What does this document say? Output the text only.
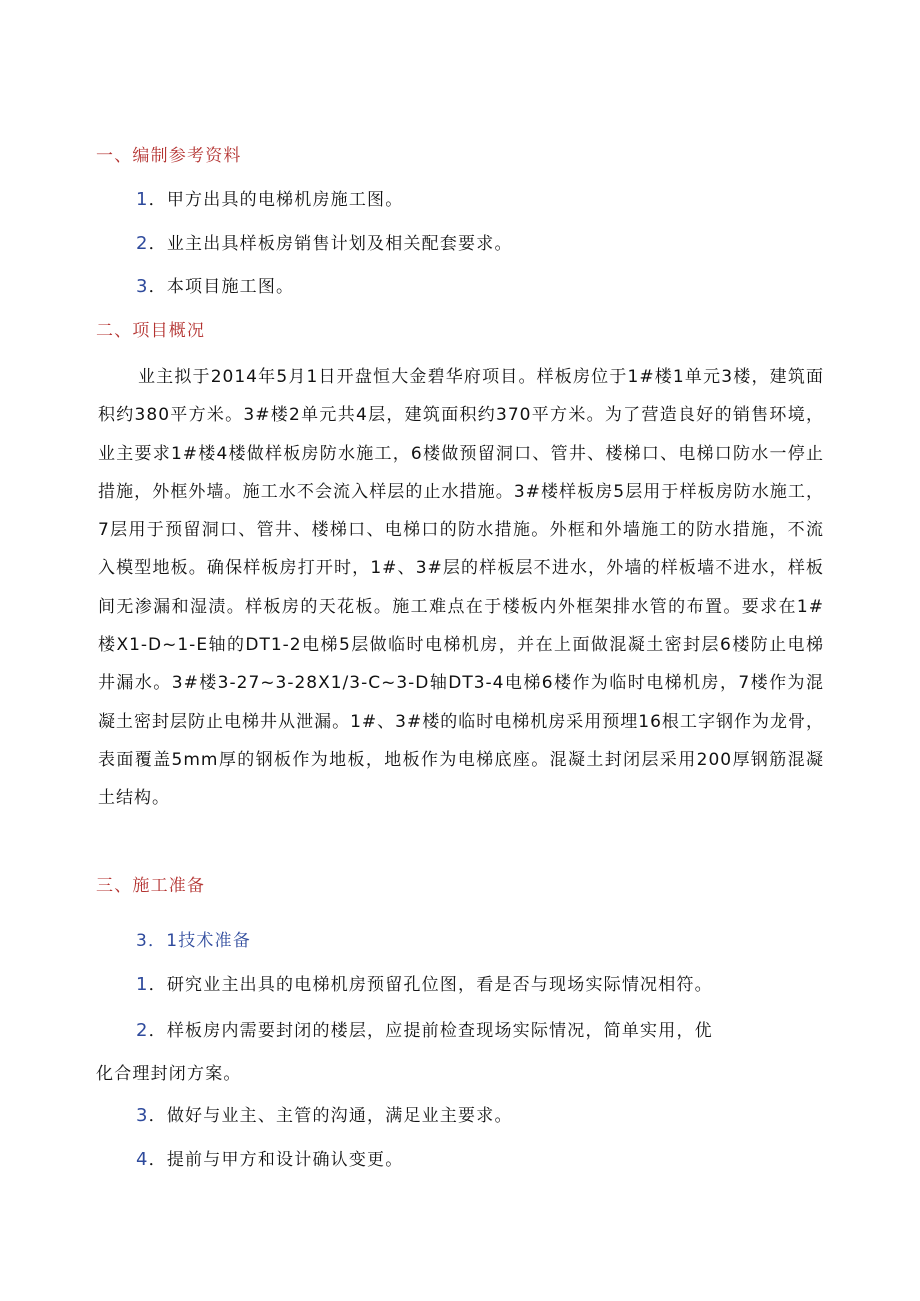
一、编制参考资料
1．甲方出具的电梯机房施工图。
2．业主出具样板房销售计划及相关配套要求。
3．本项目施工图。
二、项目概况
业主拟于2014年5月1日开盘恒大金碧华府项目。样板房位于1#楼1单元3楼，建筑面积约380平方米。3#楼2单元共4层，建筑面积约370平方米。为了营造良好的销售环境，业主要求1#楼4楼做样板房防水施工，6楼做预留洞口、管井、楼梯口、电梯口防水一停止措施，外框外墙。施工水不会流入样层的止水措施。3#楼样板房5层用于样板房防水施工，7层用于预留洞口、管井、楼梯口、电梯口的防水措施。外框和外墙施工的防水措施，不流入模型地板。确保样板房打开时，1#、3#层的样板层不进水，外墙的样板墙不进水，样板间无渗漏和湿渍。样板房的天花板。施工难点在于楼板内外框架排水管的布置。要求在1#楼X1-D~1-E轴的DT1-2电梯5层做临时电梯机房，并在上面做混凝土密封层6楼防止电梯井漏水。3#楼3-27~3-28X1/3-C~3-D轴DT3-4电梯6楼作为临时电梯机房，7楼作为混凝土密封层防止电梯井从泄漏。1#、3#楼的临时电梯机房采用预埋16根工字钢作为龙骨，表面覆盖5mm厚的钢板作为地板，地板作为电梯底座。混凝土封闭层采用200厚钢筋混凝土结构。
三、施工准备
3．1技术准备
1．研究业主出具的电梯机房预留孔位图，看是否与现场实际情况相符。
2．样板房内需要封闭的楼层，应提前检查现场实际情况，简单实用，优
化合理封闭方案。
3．做好与业主、主管的沟通，满足业主要求。
4．提前与甲方和设计确认变更。
